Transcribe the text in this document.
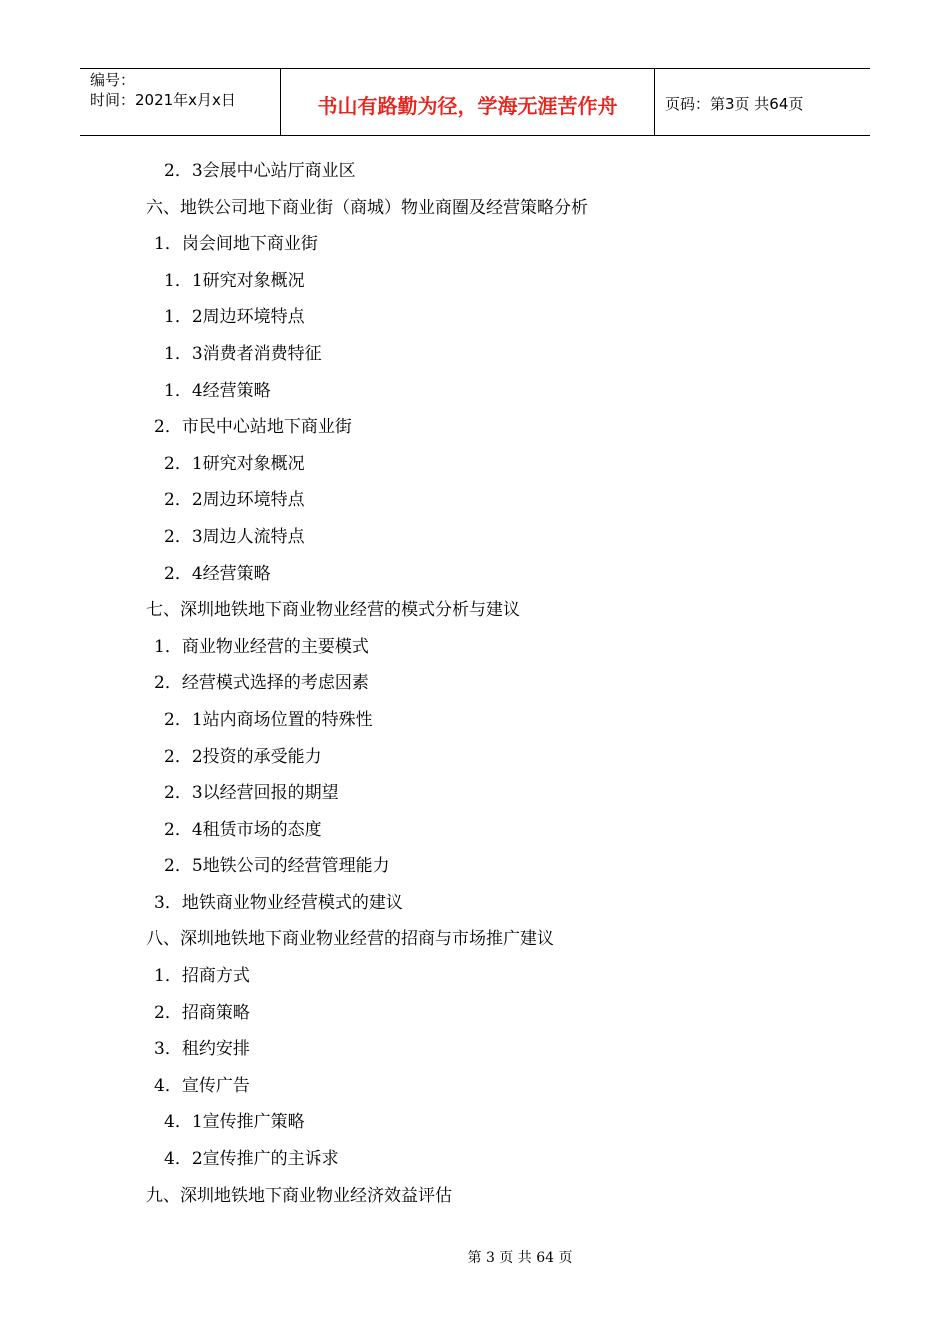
编号：
时间：2021年x月x日	书山有路勤为径，学海无涯苦作舟	页码：第3页 共64页
2．3会展中心站厅商业区
六、地铁公司地下商业街（商城）物业商圈及经营策略分析
1．岗会间地下商业街
1．1研究对象概况
1．2周边环境特点
1．3消费者消费特征
1．4经营策略
2．市民中心站地下商业街
2．1研究对象概况
2．2周边环境特点
2．3周边人流特点
2．4经营策略
七、深圳地铁地下商业物业经营的模式分析与建议
1．商业物业经营的主要模式
2．经营模式选择的考虑因素
2．1站内商场位置的特殊性
2．2投资的承受能力
2．3以经营回报的期望
2．4租赁市场的态度
2．5地铁公司的经营管理能力
3．地铁商业物业经营模式的建议
八、深圳地铁地下商业物业经营的招商与市场推广建议
1．招商方式
2．招商策略
3．租约安排
4．宣传广告
4．1宣传推广策略
4．2宣传推广的主诉求
九、深圳地铁地下商业物业经济效益评估
第 3 页 共 64 页
